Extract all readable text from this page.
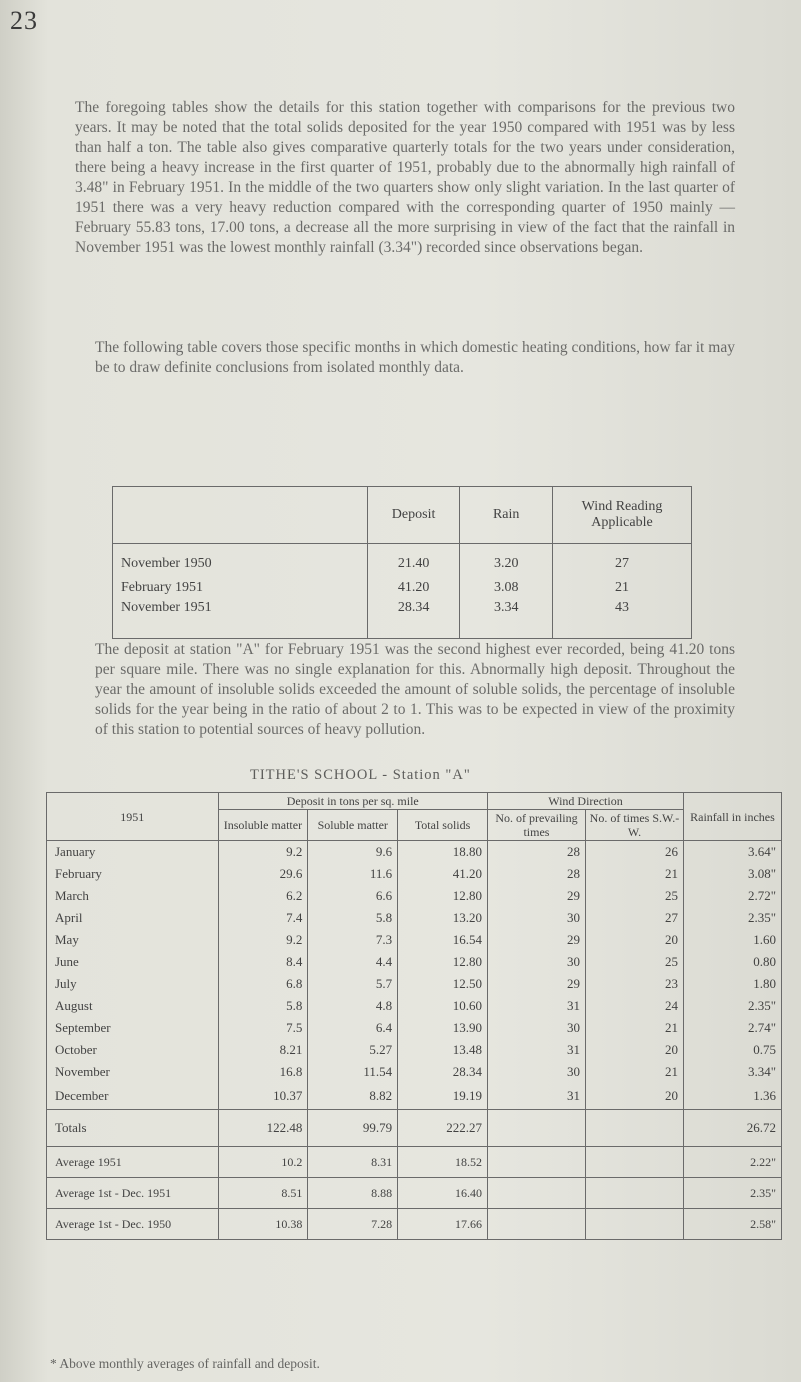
23
The foregoing tables show the details for this station together with comparisons for the previous two years. It may be noted that the total solids deposited for the year 1950 compared with 1951 was by less than half a ton. The table also gives comparative quarterly totals for the two years under consideration, there being a heavy increase in the first quarter of 1951, probably due to the abnormally high rainfall of 3.48" in February 1951. In the middle of the two quarters show only slight variation. In the last quarter of 1951 there was a very heavy reduction compared with the corresponding quarter of 1950 mainly — February 55.83 tons, 17.00 tons, a decrease all the more surprising in view of the fact that the rainfall in November 1951 was the lowest monthly rainfall (3.34") recorded since observations began.
The following table covers those specific months in which domestic heating conditions, how far it may be to draw definite conclusions from isolated monthly data.
	Deposit	Rain	Wind Reading Applicable
November 1950	21.40	3.20	27
February 1951	41.20	3.08	21
November 1951	28.34	3.34	43
The deposit at station "A" for February 1951 was the second highest ever recorded, being 41.20 tons per square mile. There was no single explanation for this. Abnormally high deposit. Throughout the year the amount of insoluble solids exceeded the amount of soluble solids, the percentage of insoluble solids for the year being in the ratio of about 2 to 1. This was to be expected in view of the proximity of this station to potential sources of heavy pollution.
TITHE'S SCHOOL - Station "A"
1951	Deposit in tons per sq. mile			Wind Direction		Rainfall in inches
	Insoluble matter	Soluble matter	Total solids	No. of prevailing times	No. of times S.W.-W.	
January	9.2	9.6	18.80	28	26	3.64"
February	29.6	11.6	41.20	28	21	3.08"
March	6.2	6.6	12.80	29	25	2.72"
April	7.4	5.8	13.20	30	27	2.35"
May	9.2	7.3	16.54	29	20	1.60
June	8.4	4.4	12.80	30	25	0.80
July	6.8	5.7	12.50	29	23	1.80
August	5.8	4.8	10.60	31	24	2.35"
September	7.5	6.4	13.90	30	21	2.74"
October	8.21	5.27	13.48	31	20	0.75
November	16.8	11.54	28.34	30	21	3.34"
December	10.37	8.82	19.19	31	20	1.36
Totals	122.48	99.79	222.27			26.72
Average 1951	10.2	8.31	18.52			2.22"
Average 1st - Dec. 1951	8.51	8.88	16.40			2.35"
Average 1st - Dec. 1950	10.38	7.28	17.66			2.58"
* Above monthly averages of rainfall and deposit.
